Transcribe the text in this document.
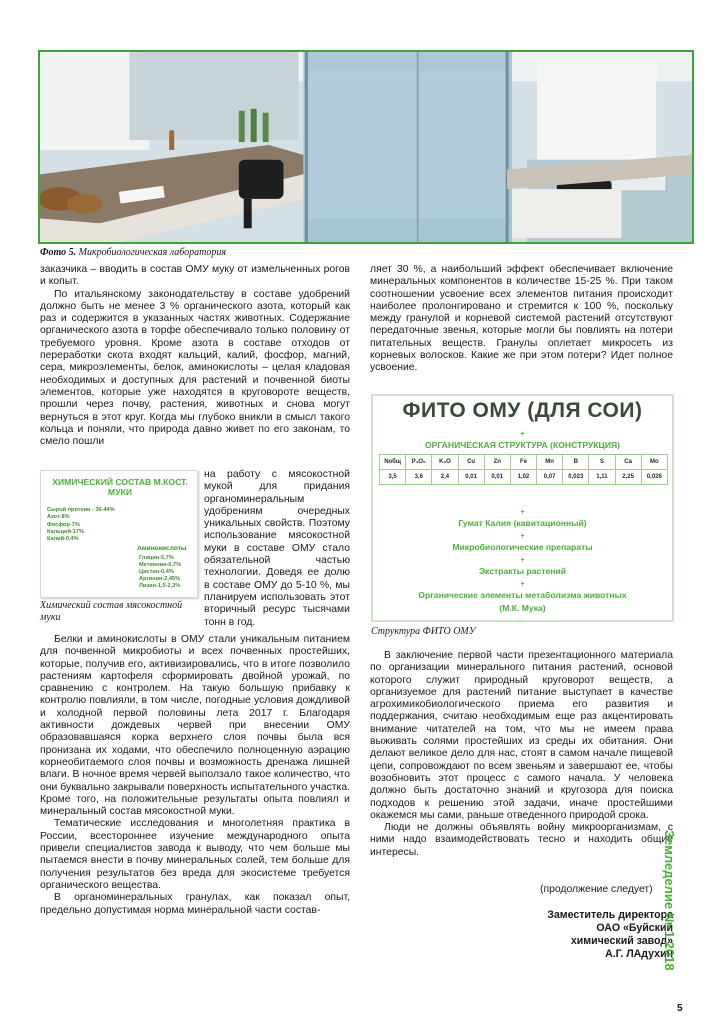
Фото 5. Микробиологическая лаборатория

заказчика – вводить в состав ОМУ муку от измельченных рогов и копыт.

По итальянскому законодательству в составе удобрений должно быть не менее 3 % органического азота, который как раз и содержится в указанных частях животных. Содержание органического азота в торфе обеспечивало только половину от требуемого уровня. Кроме азота в составе отходов от переработки скота входят кальций, калий, фосфор, магний, сера, микроэлементы, белок, аминокислоты – целая кладовая необходимых и доступных для растений и почвенной биоты элементов, которые уже находятся в круговороте веществ, прошли через почву, растения, животных и снова могут вернуться в этот круг. Когда мы глубоко вникли в смысл такого кольца и поняли, что природа давно живет по его законам, то смело пошли

ХИМИЧЕСКИЙ СОСТАВ М.КОСТ. МУКИ
Сырой протеин - 36-44%
Азот-8%
Фосфор-7%
Кальций-17%
Калий-0,4%
Аминокислоты
Глицин-5,7%
Метионин-0,7%
Цистин-0,4%
Аргинин-2,45%
Лизин-1,5-2,3%
Химический состав мясокостной муки

на работу с мясокостной мукой для придания органоминеральным удобрениям очередных уникальных свойств. Поэтому использование мясокостной муки в составе ОМУ стало обязательной частью технологии. Доведя ее долю в составе ОМУ до 5-10 %, мы планируем использовать этот вторичный ресурс тысячами тонн в год.

Белки и аминокислоты в ОМУ стали уникальным питанием для почвенной микробиоты и всех почвенных простейших, которые, получив его, активизировались, что в итоге позволило растениям картофеля сформировать двойной урожай, по сравнению с контролем. На такую большую прибавку к контролю повлияли, в том числе, погодные условия дождливой и холодной первой половины лета 2017 г. Благодаря активности дождевых червей при внесении ОМУ образовавшаяся корка верхнего слоя почвы была вся пронизана их ходами, что обеспечило полноценную аэрацию корнеобитаемого слоя почвы и возможность дренажа лишней влаги. В ночное время червей выползало такое количество, что они буквально закрывали поверхность испытательного участка. Кроме того, на положительные результаты опыта повлиял и минеральный состав мясокостной муки.

Тематические исследования и многолетняя практика в России, всестороннее изучение международного опыта привели специалистов завода к выводу, что чем больше мы пытаемся внести в почву минеральных солей, тем больше для получения результатов без вреда для экосистеме требуется органического вещества.

В органоминеральных гранулах, как показал опыт, предельно допустимая норма минеральной части состав-

ляет 30 %, а наибольший эффект обеспечивает включение минеральных компонентов в количестве 15-25 %. При таком соотношении усвоение всех элементов питания происходит наиболее пролонгировано и стремится к 100 %, поскольку между гранулой и корневой системой растений отсутствуют передаточные звенья, которые могли бы повлиять на потери питательных веществ. Гранулы оплетает микросеть из корневых волосков. Какие же при этом потери? Идет полное усвоение.

ФИТО ОМУ (ДЛЯ СОИ)
+
ОРГАНИЧЕСКАЯ СТРУКТУРА (КОНСТРУКЦИЯ)
Nобщ	P₂O₅	K₂O	Cu	Zn	Fe	Mn	B	S	Ca	Mo
3,5	3,6	2,4	0,01	0,01	1,02	0,07	0,023	1,11	2,25	0,026
+
Гумат Калия (кавитационный)
+
Микробиологические препараты
+
Экстракты растений
+
Органические элементы метаболизма животных
(М.К. Мука)
Структура ФИТО ОМУ

В заключение первой части презентационного материала по организации минерального питания растений, основой которого служит природный круговорот веществ, а организуемое для растений питание выступает в качестве агрохимикобиологического приема его развития и поддержания, считаю необходимым еще раз акцентировать внимание читателей на том, что мы не имеем права выживать солями простейших из среды их обитания. Они делают великое дело для нас, стоят в самом начале пищевой цепи, сопровождают по всем звеньям и завершают ее, чтобы возобновить этот процесс с самого начала. У человека должно быть достаточно знаний и кругозора для поиска подходов к решению этой задачи, иначе простейшими окажемся мы сами, раньше отведенного природой срока.

Люди не должны объявлять войну микроорганизмам, с ними надо взаимодействовать тесно и находить общие интересы.

(продолжение следует)
Заместитель директора
ОАО «Буйский
химический завод»
А.Г. ЛАдухин
Земледелие № 1 2018
5
